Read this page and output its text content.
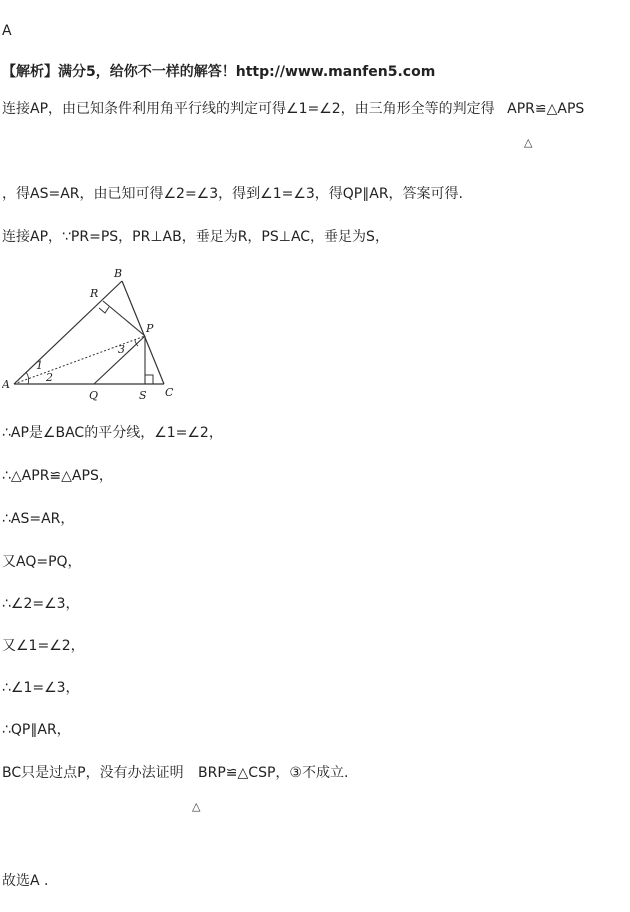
A
【解析】满分5，给你不一样的解答！http://www.manfen5.com
连接AP，由已知条件利用角平行线的判定可得∠1=∠2，由三角形全等的判定得 APR≌△APS
△
，得AS=AR，由已知可得∠2=∠3，得到∠1=∠3，得QP∥AR，答案可得.
连接AP，∵PR=PS，PR⊥AB，垂足为R，PS⊥AC，垂足为S，
B
R
P
3
1
2
A
Q	S C
∴AP是∠BAC的平分线，∠1=∠2，
∴△APR≌△APS，
∴AS=AR，
又AQ=PQ，
∴∠2=∠3，
又∠1=∠2，
∴∠1=∠3，
∴QP∥AR，
BC只是过点P，没有办法证明 BRP≌△CSP，③不成立.
△
故选A .
